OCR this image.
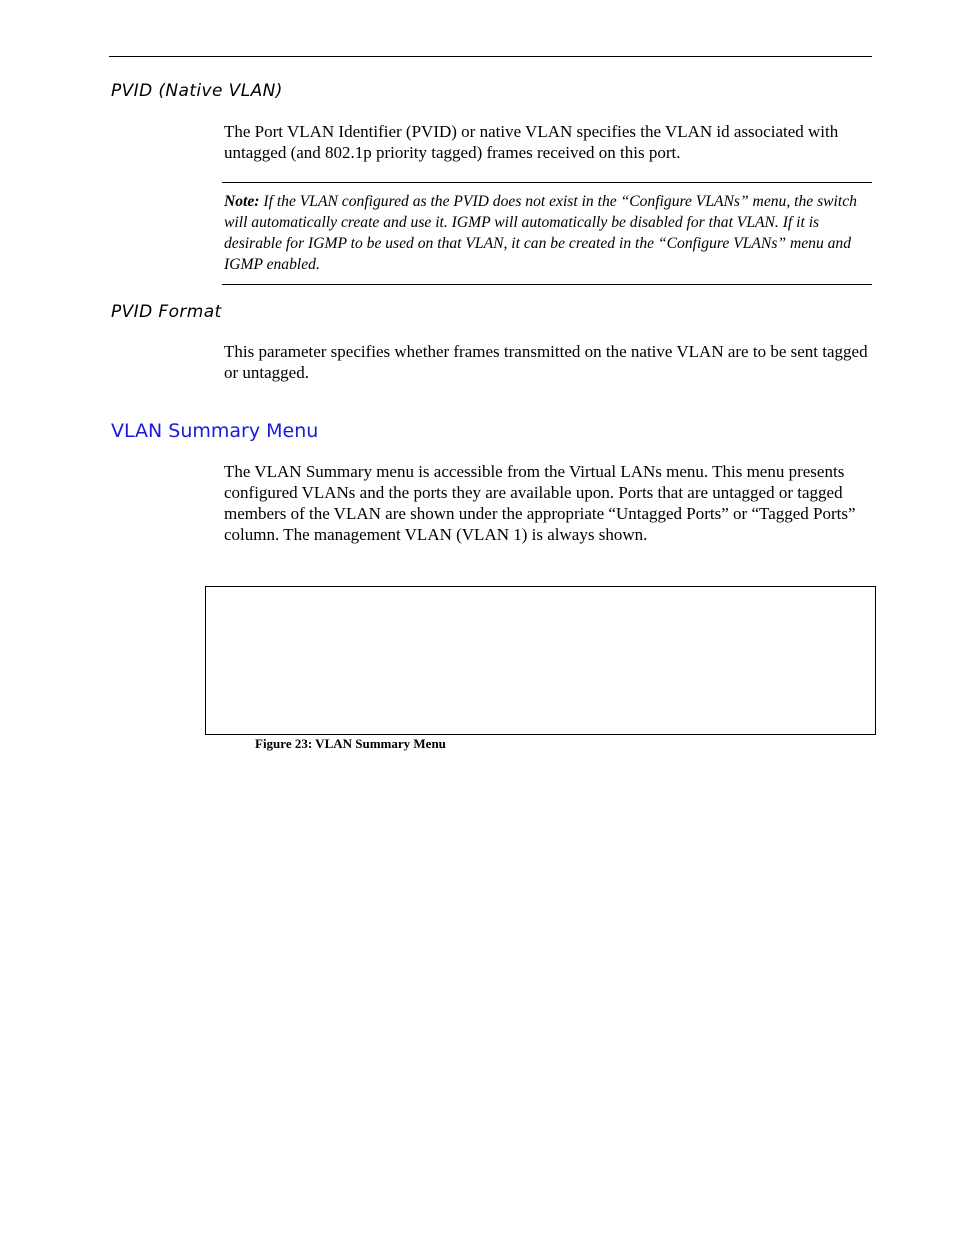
PVID (Native VLAN)

The Port VLAN Identifier (PVID) or native VLAN specifies the VLAN id associated with untagged (and 802.1p priority tagged) frames received on this port.

Note: If the VLAN configured as the PVID does not exist in the “Configure VLANs” menu, the switch will automatically create and use it. IGMP will automatically be disabled for that VLAN. If it is desirable for IGMP to be used on that VLAN, it can be created in the “Configure VLANs” menu and IGMP enabled.

PVID Format

This parameter specifies whether frames transmitted on the native VLAN are to be sent tagged or untagged.

VLAN Summary Menu

The VLAN Summary menu is accessible from the Virtual LANs menu. This menu presents configured VLANs and the ports they are available upon. Ports that are untagged or tagged members of the VLAN are shown under the appropriate “Untagged Ports” or “Tagged Ports” column. The management VLAN (VLAN 1) is always shown.

Figure 23: VLAN Summary Menu
